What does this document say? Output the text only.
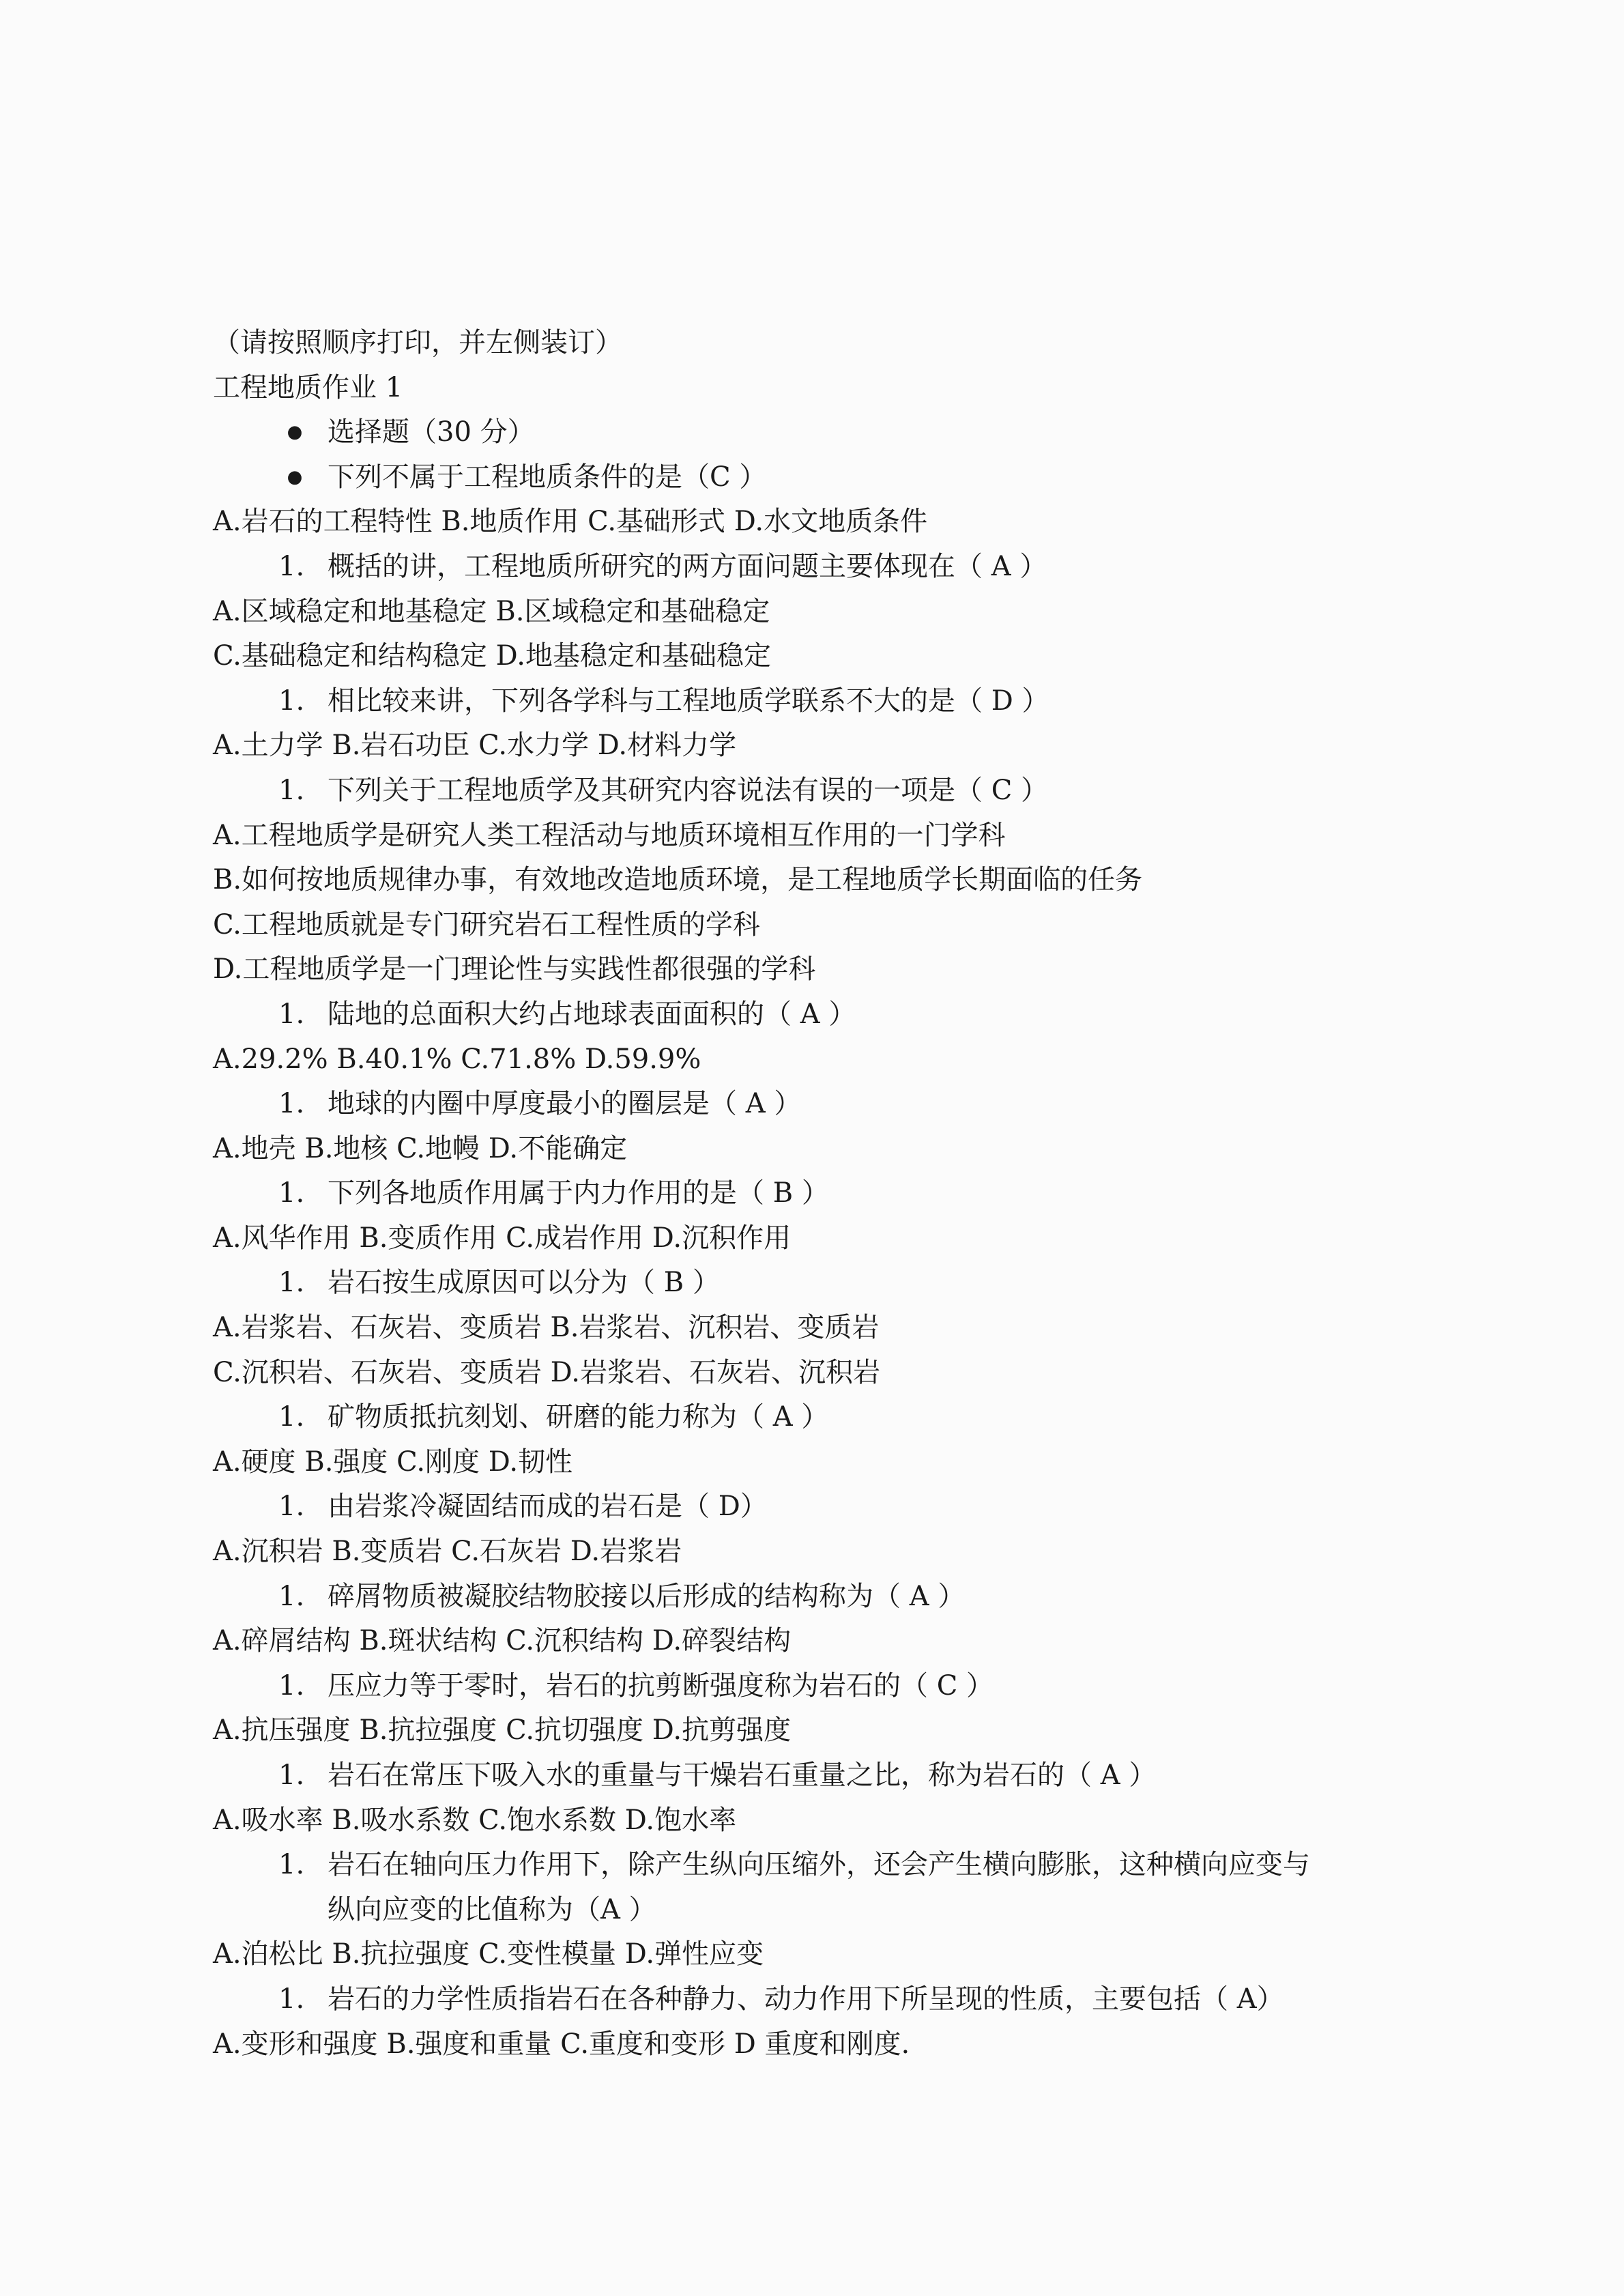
（请按照顺序打印，并左侧装订）
工程地质作业 1
● 选择题（30 分）
● 下列不属于工程地质条件的是（C ）
A.岩石的工程特性 B.地质作用 C.基础形式 D.水文地质条件
1. 概括的讲，工程地质所研究的两方面问题主要体现在（ A ）
A.区域稳定和地基稳定 B.区域稳定和基础稳定
C.基础稳定和结构稳定 D.地基稳定和基础稳定
1. 相比较来讲，下列各学科与工程地质学联系不大的是（ D ）
A.土力学 B.岩石功臣 C.水力学 D.材料力学
1. 下列关于工程地质学及其研究内容说法有误的一项是（ C ）
A.工程地质学是研究人类工程活动与地质环境相互作用的一门学科
B.如何按地质规律办事，有效地改造地质环境，是工程地质学长期面临的任务
C.工程地质就是专门研究岩石工程性质的学科
D.工程地质学是一门理论性与实践性都很强的学科
1. 陆地的总面积大约占地球表面面积的（ A ）
A.29.2% B.40.1% C.71.8% D.59.9%
1. 地球的内圈中厚度最小的圈层是（ A ）
A.地壳 B.地核 C.地幔 D.不能确定
1. 下列各地质作用属于内力作用的是（ B ）
A.风华作用 B.变质作用 C.成岩作用 D.沉积作用
1. 岩石按生成原因可以分为（ B ）
A.岩浆岩、石灰岩、变质岩 B.岩浆岩、沉积岩、变质岩
C.沉积岩、石灰岩、变质岩 D.岩浆岩、石灰岩、沉积岩
1. 矿物质抵抗刻划、研磨的能力称为（ A ）
A.硬度 B.强度 C.刚度 D.韧性
1. 由岩浆冷凝固结而成的岩石是（ D）
A.沉积岩 B.变质岩 C.石灰岩 D.岩浆岩
1. 碎屑物质被凝胶结物胶接以后形成的结构称为（ A ）
A.碎屑结构 B.斑状结构 C.沉积结构 D.碎裂结构
1. 压应力等于零时，岩石的抗剪断强度称为岩石的（ C ）
A.抗压强度 B.抗拉强度 C.抗切强度 D.抗剪强度
1. 岩石在常压下吸入水的重量与干燥岩石重量之比，称为岩石的（ A ）
A.吸水率 B.吸水系数 C.饱水系数 D.饱水率
1. 岩石在轴向压力作用下，除产生纵向压缩外，还会产生横向膨胀，这种横向应变与
纵向应变的比值称为（A ）
A.泊松比 B.抗拉强度 C.变性模量 D.弹性应变
1. 岩石的力学性质指岩石在各种静力、动力作用下所呈现的性质，主要包括（ A）
A.变形和强度 B.强度和重量 C.重度和变形 D 重度和刚度.
